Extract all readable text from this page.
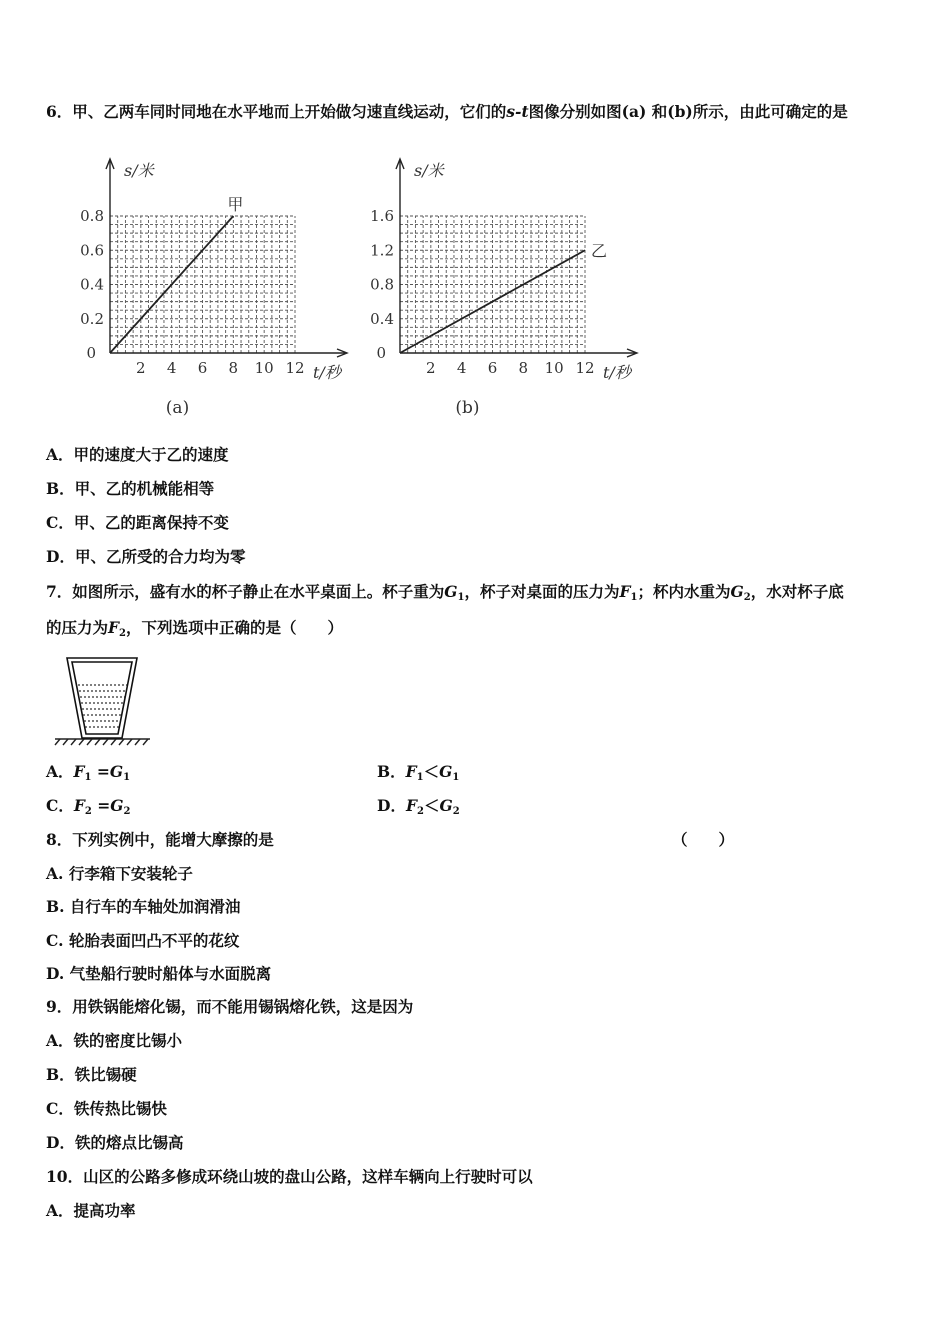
6．甲、乙两车同时同地在水平地而上开始做匀速直线运动，它们的s-t图像分别如图(a) 和(b)所示，由此可确定的是
s/米
t/秒
2 4 6 8 10 12
0.2
0.4
0.6
0.8
0
甲
(a)
s/米
t/秒
2 4 6 8 10 12
0.4
0.8
1.2
1.6
0
乙
(b)
A．甲的速度大于乙的速度
B．甲、乙的机械能相等
C．甲、乙的距离保持不变
D．甲、乙所受的合力均为零
7．如图所示，盛有水的杯子静止在水平桌面上。杯子重为$G_1$，杯子对桌面的压力为$F_1$；杯内水重为$G_2$，水对杯子底
的压力为$F_2$，下列选项中正确的是（　　）
A．$F_1 =G_1$	B．$F_1<G_1$
C．$F_2 =G_2$	D．$F_2<G_2$
8．下列实例中，能增大摩擦的是	（　　）
A. 行李箱下安装轮子
B. 自行车的车轴处加润滑油
C. 轮胎表面凹凸不平的花纹
D. 气垫船行驶时船体与水面脱离
9．用铁锅能熔化锡，而不能用锡锅熔化铁，这是因为
A．铁的密度比锡小
B．铁比锡硬
C．铁传热比锡快
D．铁的熔点比锡高
10．山区的公路多修成环绕山坡的盘山公路，这样车辆向上行驶时可以
A．提高功率
